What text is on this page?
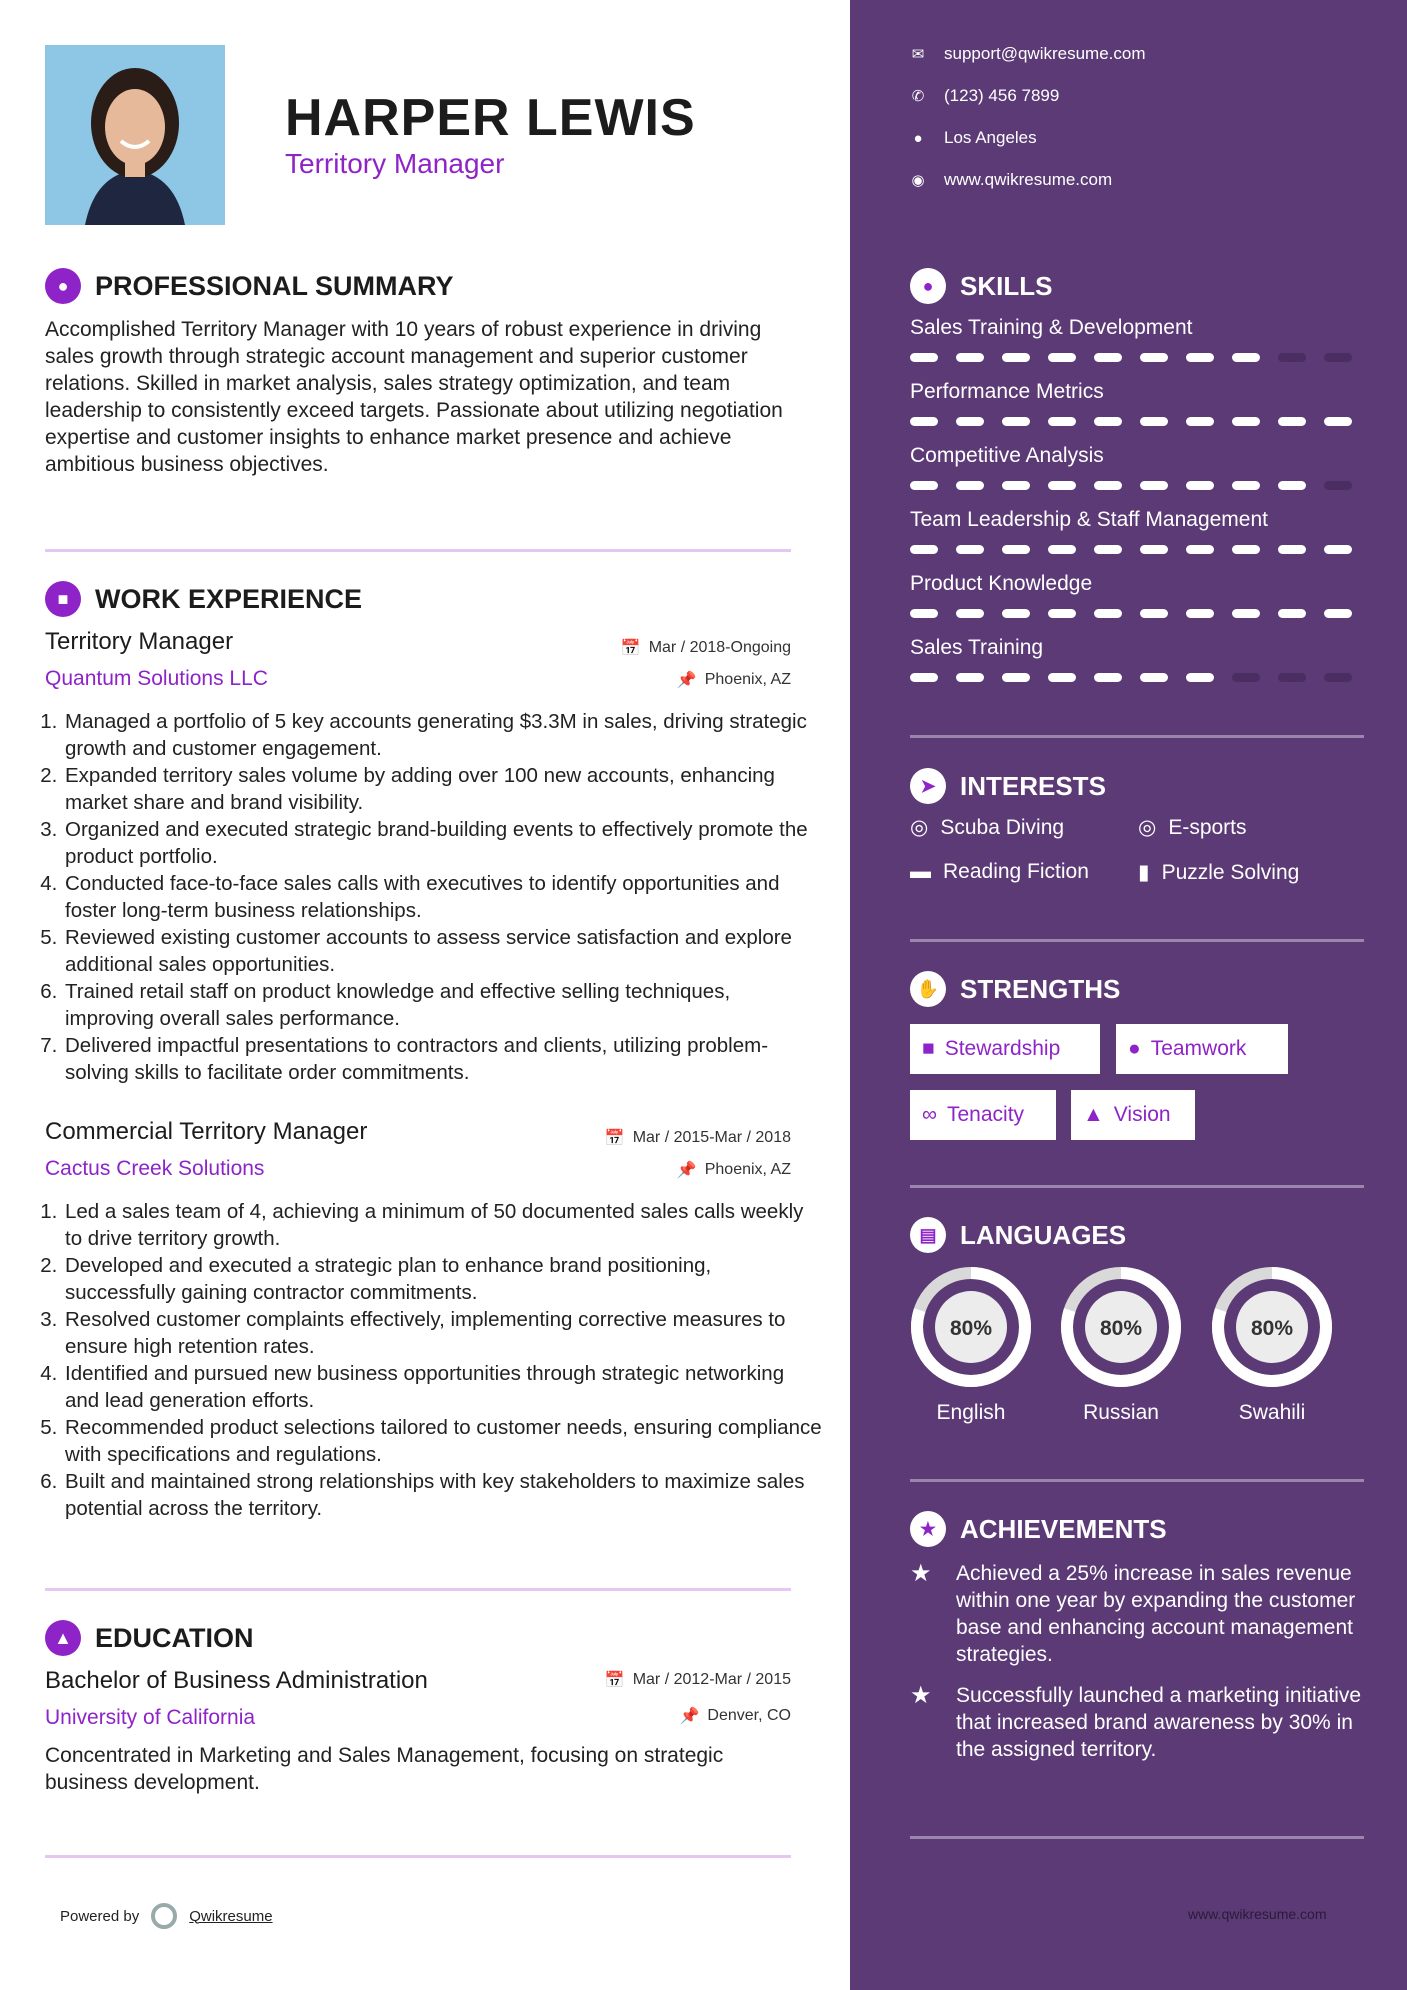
HARPER LEWIS
Territory Manager
● PROFESSIONAL SUMMARY
Accomplished Territory Manager with 10 years of robust experience in driving sales growth through strategic account management and superior customer relations. Skilled in market analysis, sales strategy optimization, and team leadership to consistently exceed targets. Passionate about utilizing negotiation expertise and customer insights to enhance market presence and achieve ambitious business objectives.
■ WORK EXPERIENCE
Territory Manager
Quantum Solutions LLC
📅 Mar / 2018-Ongoing
📌 Phoenix, AZ
1. Managed a portfolio of 5 key accounts generating $3.3M in sales, driving strategic growth and customer engagement.
2. Expanded territory sales volume by adding over 100 new accounts, enhancing market share and brand visibility.
3. Organized and executed strategic brand-building events to effectively promote the product portfolio.
4. Conducted face-to-face sales calls with executives to identify opportunities and foster long-term business relationships.
5. Reviewed existing customer accounts to assess service satisfaction and explore additional sales opportunities.
6. Trained retail staff on product knowledge and effective selling techniques, improving overall sales performance.
7. Delivered impactful presentations to contractors and clients, utilizing problem-solving skills to facilitate order commitments.
Commercial Territory Manager
Cactus Creek Solutions
📅 Mar / 2015-Mar / 2018
📌 Phoenix, AZ
1. Led a sales team of 4, achieving a minimum of 50 documented sales calls weekly to drive territory growth.
2. Developed and executed a strategic plan to enhance brand positioning, successfully gaining contractor commitments.
3. Resolved customer complaints effectively, implementing corrective measures to ensure high retention rates.
4. Identified and pursued new business opportunities through strategic networking and lead generation efforts.
5. Recommended product selections tailored to customer needs, ensuring compliance with specifications and regulations.
6. Built and maintained strong relationships with key stakeholders to maximize sales potential across the territory.
▲ EDUCATION
Bachelor of Business Administration
University of California
📅 Mar / 2012-Mar / 2015
📌 Denver, CO
Concentrated in Marketing and Sales Management, focusing on strategic business development.
Powered by	Qwikresume
✉ support@qwikresume.com
✆ (123) 456 7899
● Los Angeles
◉ www.qwikresume.com
●	SKILLS
Sales Training & Development
Performance Metrics
Competitive Analysis
Team Leadership & Staff Management
Product Knowledge
Sales Training
➤ INTERESTS
◎ Scuba Diving	◎ E-sports
▬ Reading Fiction ▮ Puzzle Solving
✋ STRENGTHS
■ Stewardship	● Teamwork
∞ Tenacity	▲ Vision
▤ LANGUAGES
80%
English
80%
Russian
80%
Swahili
★ ACHIEVEMENTS
★	Achieved a 25% increase in sales revenue within one year by expanding the customer base and enhancing account management strategies.
★	Successfully launched a marketing initiative that increased brand awareness by 30% in the assigned territory.
www.qwikresume.com
